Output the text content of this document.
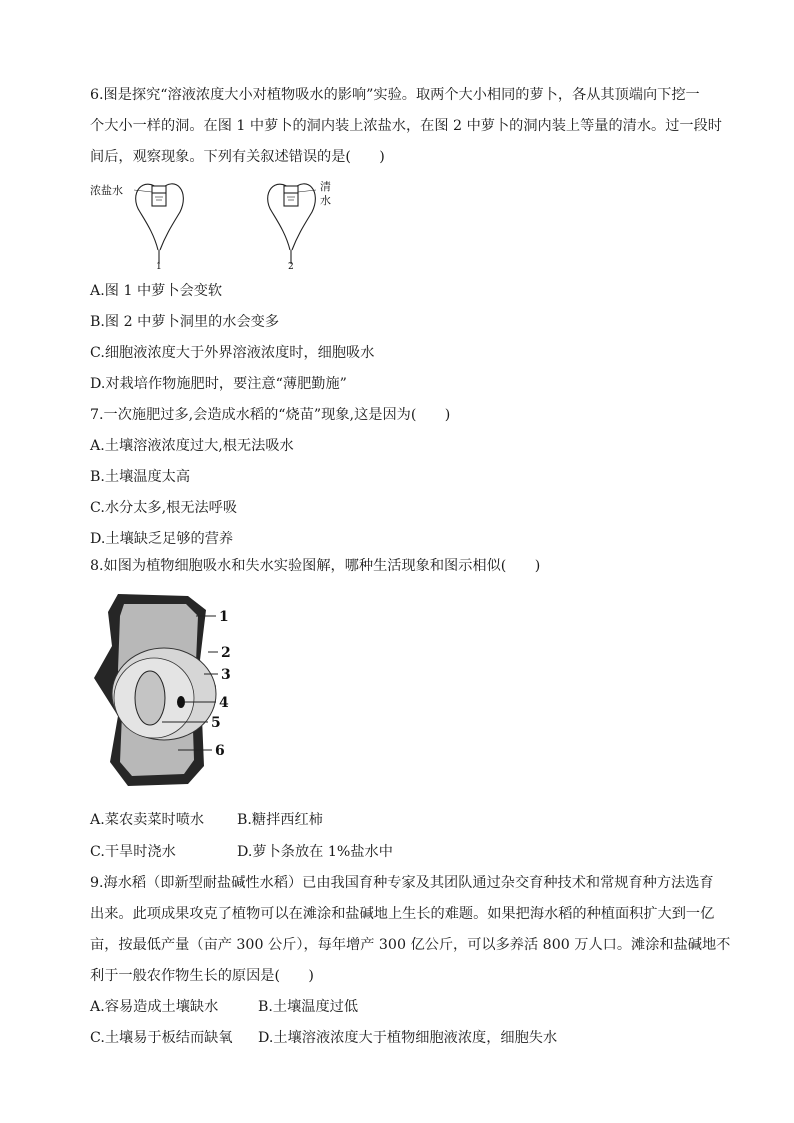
6.图是探究“溶液浓度大小对植物吸水的影响”实验。取两个大小相同的萝卜，各从其顶端向下挖一
个大小一样的洞。在图 1 中萝卜的洞内装上浓盐水，在图 2 中萝卜的洞内装上等量的清水。过一段时
间后，观察现象。下列有关叙述错误的是(　　)
浓盐水
1
清
水
2
A.图 1 中萝卜会变软
B.图 2 中萝卜洞里的水会变多
C.细胞液浓度大于外界溶液浓度时，细胞吸水
D.对栽培作物施肥时，要注意“薄肥勤施”
7.一次施肥过多,会造成水稻的“烧苗”现象,这是因为(　　)
A.土壤溶液浓度过大,根无法吸水
B.土壤温度太高
C.水分太多,根无法呼吸
D.土壤缺乏足够的营养
8.如图为植物细胞吸水和失水实验图解，哪种生活现象和图示相似(　　)
1
2
3
4
5
6
A.菜农卖菜时喷水 B.糖拌西红柿
C.干旱时浇水	D.萝卜条放在 1%盐水中
9.海水稻（即新型耐盐碱性水稻）已由我国育种专家及其团队通过杂交育种技术和常规育种方法选育
出来。此项成果攻克了植物可以在滩涂和盐碱地上生长的难题。如果把海水稻的种植面积扩大到一亿
亩，按最低产量（亩产 300 公斤），每年增产 300 亿公斤，可以多养活 800 万人口。滩涂和盐碱地不
利于一般农作物生长的原因是(　　)
A.容易造成土壤缺水	B.土壤温度过低
C.土壤易于板结而缺氧 D.土壤溶液浓度大于植物细胞液浓度，细胞失水
